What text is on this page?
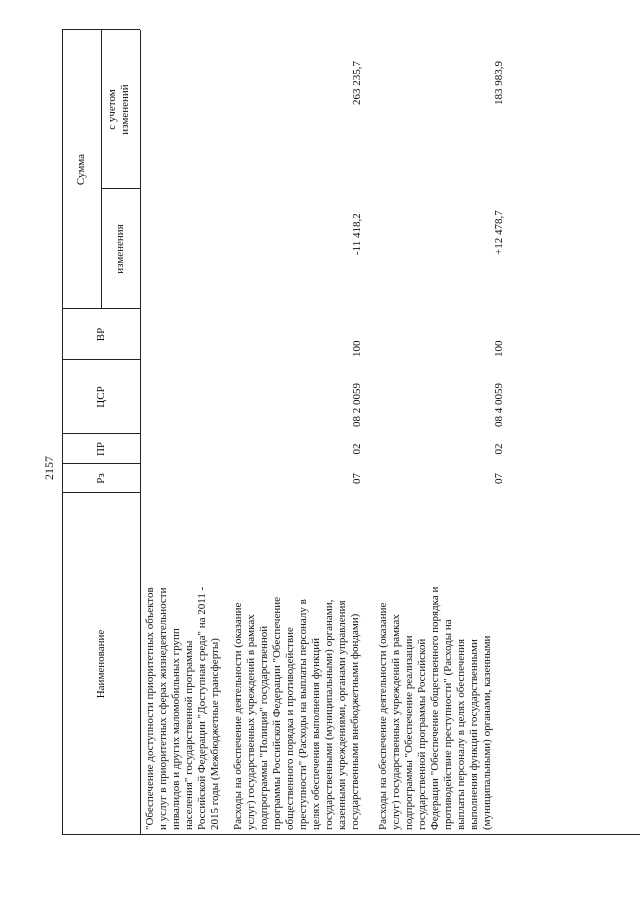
2157
Наименование
Рз
ПР
ЦСР
ВР
Сумма
изменения
с учетом изменений
"Обеспечение доступности приоритетных объектов и услуг в приоритетных сферах жизнедеятельности инвалидов и других маломобильных групп населения" государственной программы Российской Федерации "Доступная среда" на 2011 - 2015 годы (Межбюджетные трансферты) Расходы на обеспечение деятельности (оказание услуг) государственных учреждений в рамках подпрограммы "Полиция" государственной программы Российской Федерации "Обеспечение общественного порядка и противодействие преступности" (Расходы на выплаты персоналу в целях обеспечения выполнения функций государственными (муниципальными) органами, казенными учреждениями, органами управления государственными внебюджетными фондами)
07
02
08 2 0059
100
-11 418,2
263 235,7
Расходы на обеспечение деятельности (оказание услуг) государственных учреждений в рамках подпрограммы "Обеспечение реализации государственной программы Российской Федерации "Обеспечение общественного порядка и противодействие преступности" (Расходы на выплаты персоналу в целях обеспечения выполнения функций государственными (муниципальными) органами, казенными
07
02
08 4 0059
100
+12 478,7
183 983,9
